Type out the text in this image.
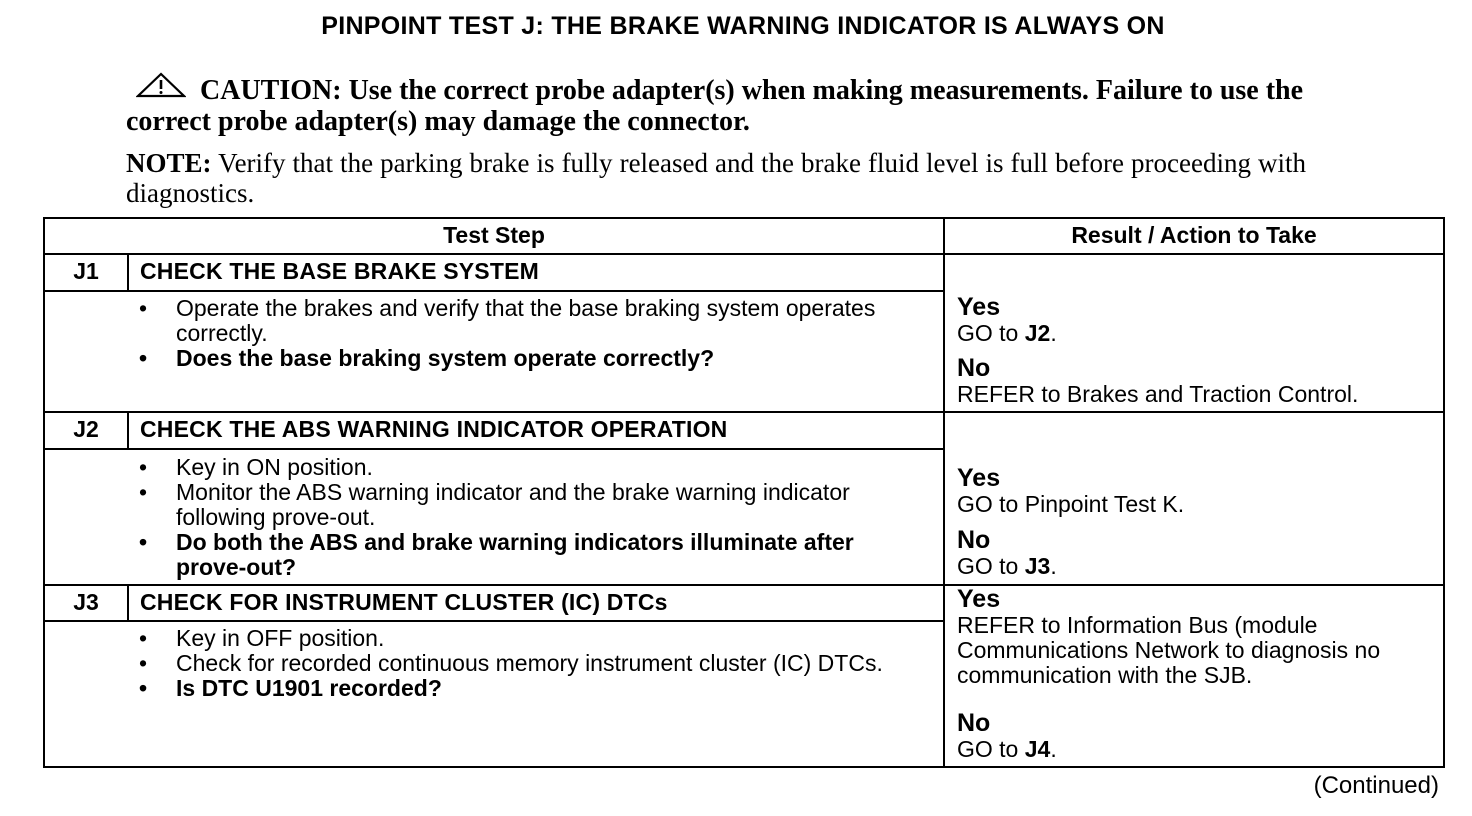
PINPOINT TEST J: THE BRAKE WARNING INDICATOR IS ALWAYS ON
CAUTION: Use the correct probe adapter(s) when making measurements. Failure to use the correct probe adapter(s) may damage the connector.
NOTE: Verify that the parking brake is fully released and the brake fluid level is full before proceeding with diagnostics.
Test Step	Result / Action to Take
J1	CHECK THE BASE BRAKE SYSTEM
• Operate the brakes and verify that the base braking system operates correctly.
• Does the base braking system operate correctly?
Yes
GO to J2.
No
REFER to Brakes and Traction Control.
J2	CHECK THE ABS WARNING INDICATOR OPERATION
• Key in ON position.
• Monitor the ABS warning indicator and the brake warning indicator following prove-out.
• Do both the ABS and brake warning indicators illuminate after prove-out?
Yes
GO to Pinpoint Test K.
No
GO to J3.
J3	CHECK FOR INSTRUMENT CLUSTER (IC) DTCs
• Key in OFF position.
• Check for recorded continuous memory instrument cluster (IC) DTCs.
• Is DTC U1901 recorded?
Yes
REFER to Information Bus (module Communications Network to diagnosis no communication with the SJB.
No
GO to J4.
(Continued)
